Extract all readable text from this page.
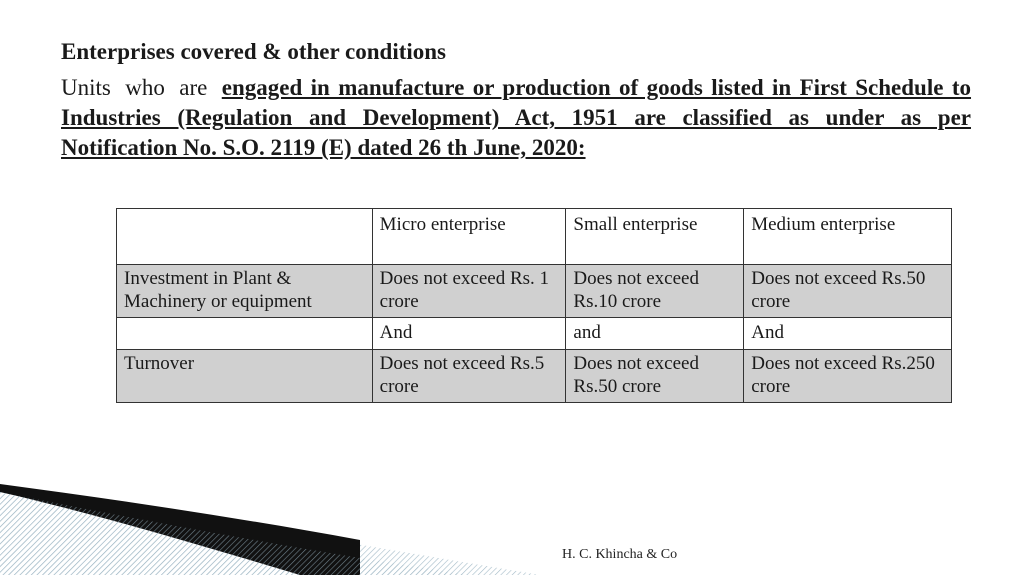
Enterprises covered & other conditions

Units who are engaged in manufacture or production of goods listed in First Schedule to Industries (Regulation and Development) Act, 1951 are classified as under as per Notification No. S.O. 2119 (E) dated 26 th June, 2020:

	Micro enterprise	Small enterprise	Medium enterprise
Investment in Plant & Machinery or equipment	Does not exceed Rs. 1 crore	Does not exceed Rs.10 crore	Does not exceed Rs.50 crore
	And	and	And
Turnover	Does not exceed Rs.5 crore	Does not exceed Rs.50 crore	Does not exceed Rs.250 crore

H. C. Khincha & Co
